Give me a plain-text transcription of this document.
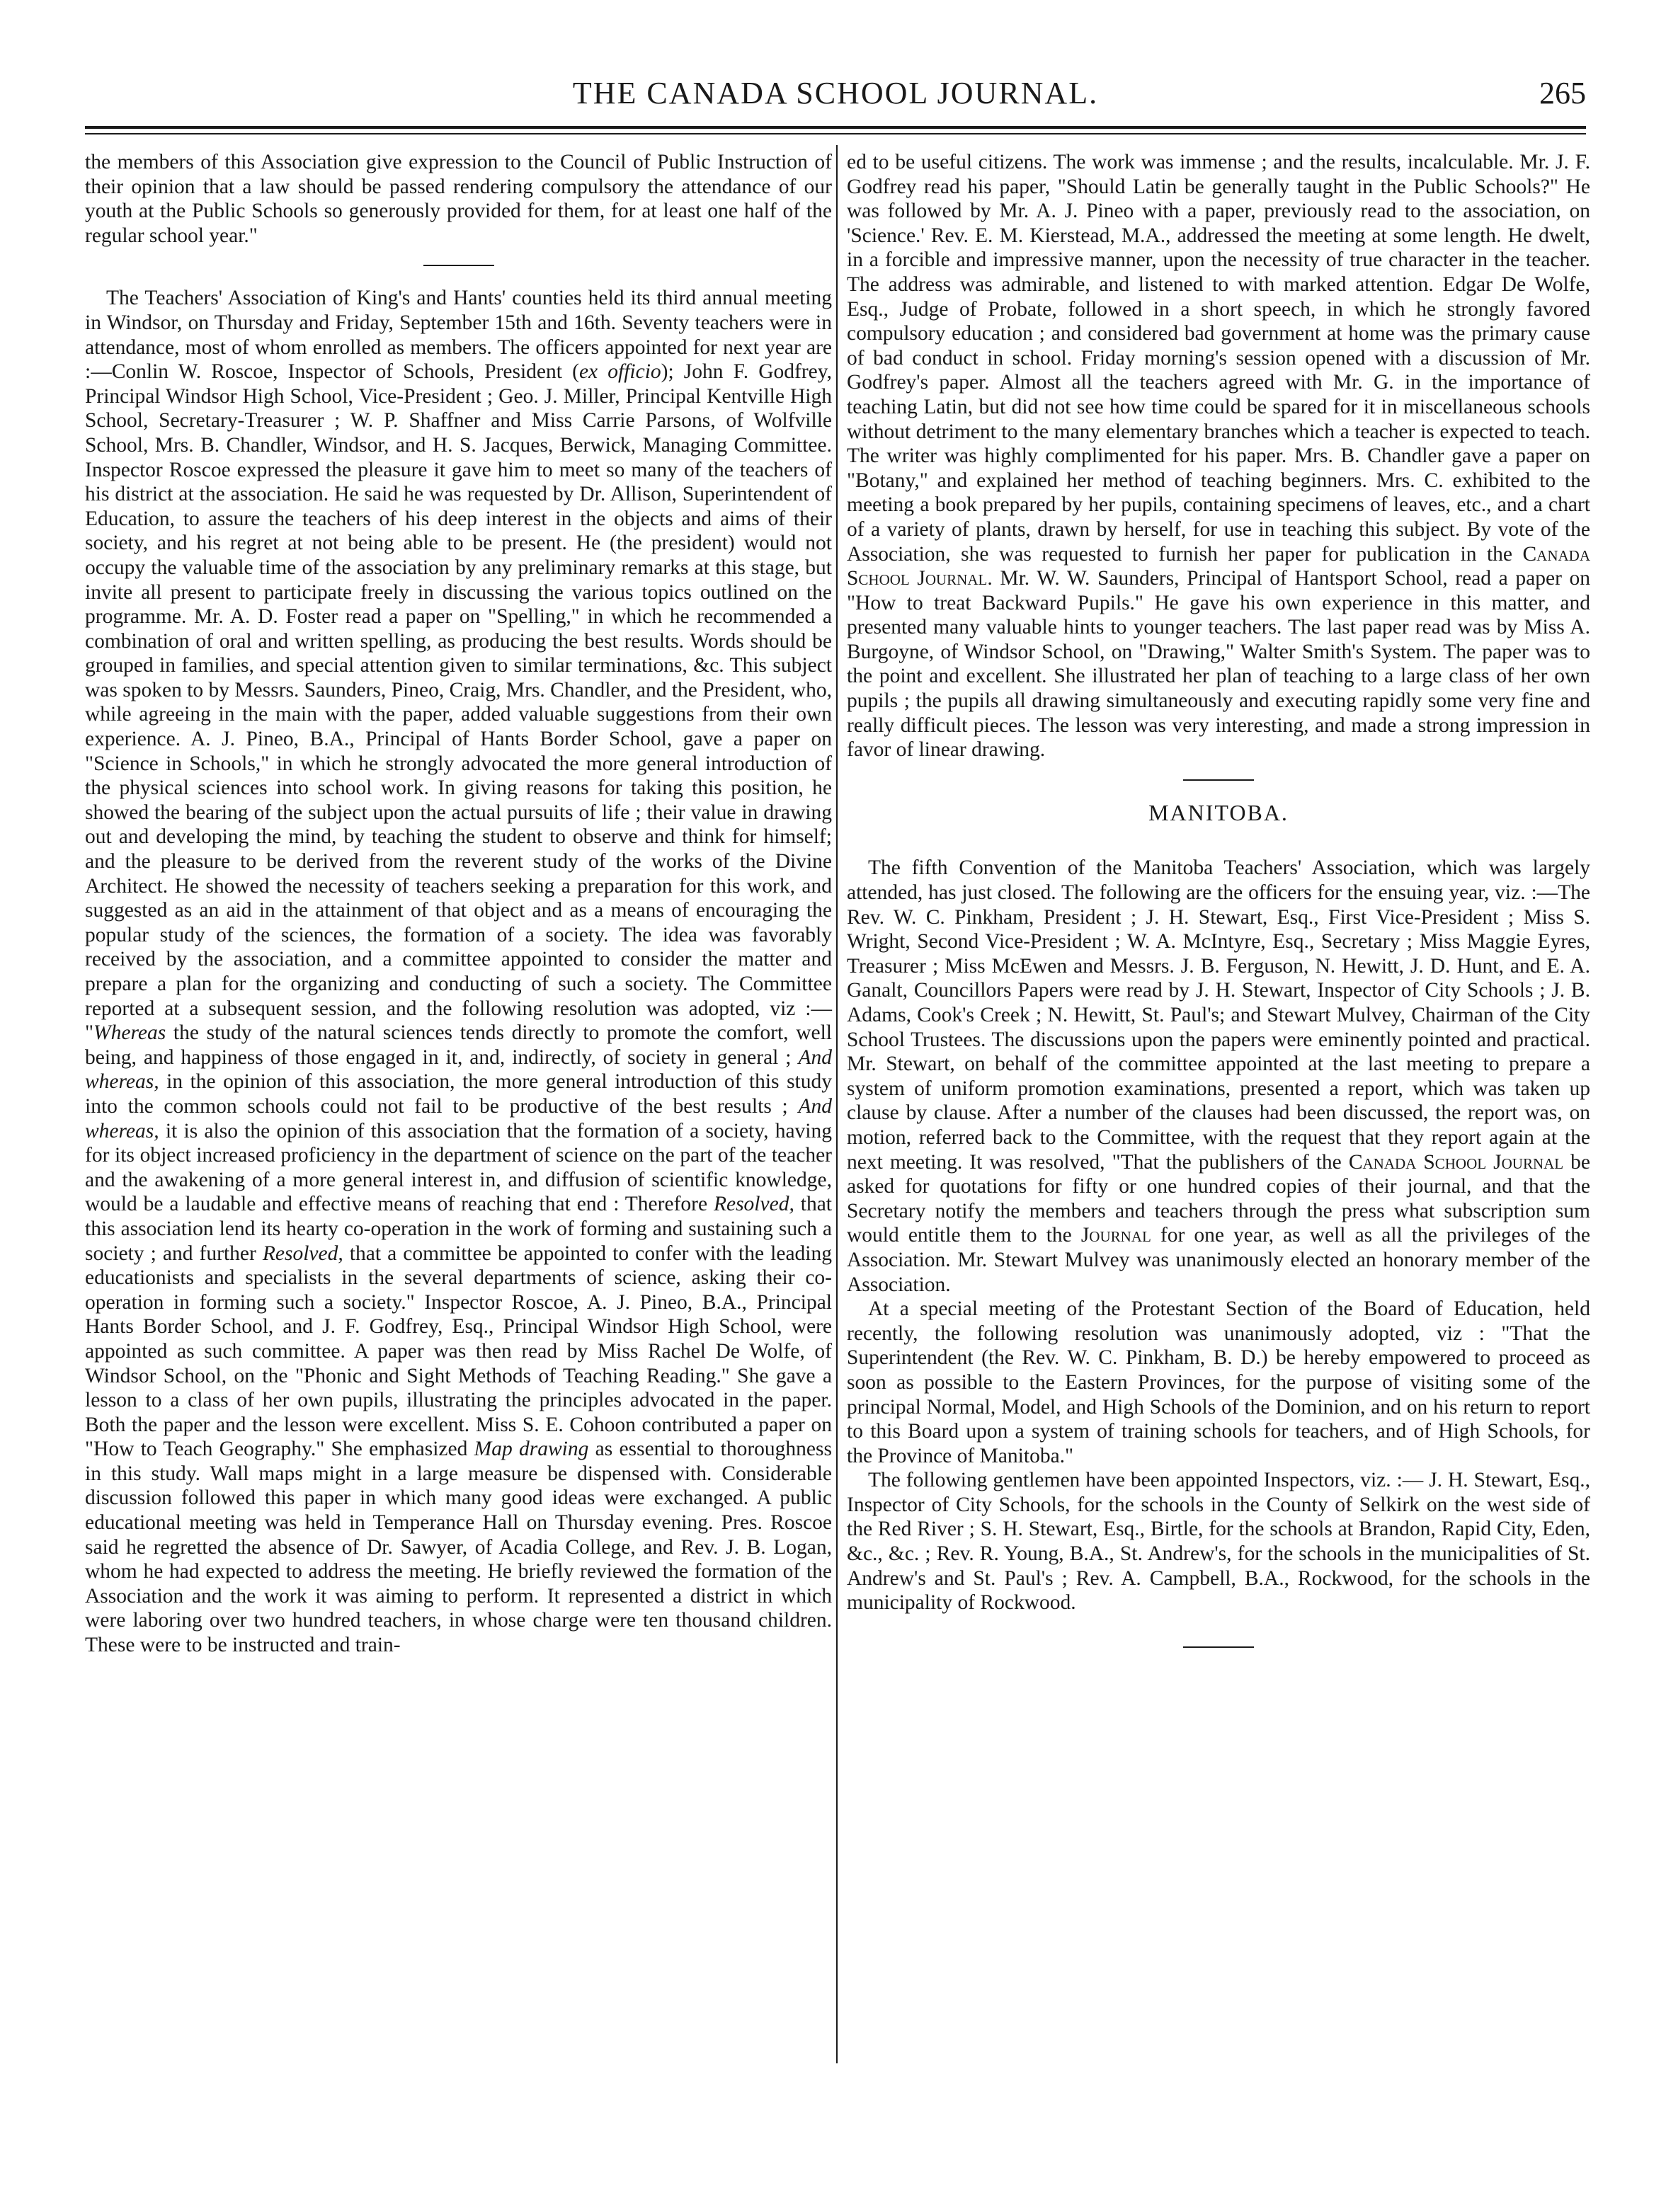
THE CANADA SCHOOL JOURNAL.	265

the members of this Association give expression to the Council of Public Instruction of their opinion that a law should be passed rendering compulsory the attendance of our youth at the Public Schools so generously provided for them, for at least one half of the regular school year."

The Teachers' Association of King's and Hants' counties held its third annual meeting in Windsor, on Thursday and Friday, September 15th and 16th. Seventy teachers were in attendance, most of whom enrolled as members. The officers appointed for next year are :—Conlin W. Roscoe, Inspector of Schools, President (ex officio); John F. Godfrey, Principal Windsor High School, Vice-President ; Geo. J. Miller, Principal Kentville High School, Secretary-Treasurer ; W. P. Shaffner and Miss Carrie Parsons, of Wolfville School, Mrs. B. Chandler, Windsor, and H. S. Jacques, Berwick, Managing Committee. Inspector Roscoe expressed the pleasure it gave him to meet so many of the teachers of his district at the association. He said he was requested by Dr. Allison, Superintendent of Education, to assure the teachers of his deep interest in the objects and aims of their society, and his regret at not being able to be present. He (the president) would not occupy the valuable time of the association by any preliminary remarks at this stage, but invite all present to participate freely in discussing the various topics outlined on the programme. Mr. A. D. Foster read a paper on "Spelling," in which he recommended a combination of oral and written spelling, as producing the best results. Words should be grouped in families, and special attention given to similar terminations, &c. This subject was spoken to by Messrs. Saunders, Pineo, Craig, Mrs. Chandler, and the President, who, while agreeing in the main with the paper, added valuable suggestions from their own experience. A. J. Pineo, B.A., Principal of Hants Border School, gave a paper on "Science in Schools," in which he strongly advocated the more general introduction of the physical sciences into school work. In giving reasons for taking this position, he showed the bearing of the subject upon the actual pursuits of life ; their value in drawing out and developing the mind, by teaching the student to observe and think for himself; and the pleasure to be derived from the reverent study of the works of the Divine Architect. He showed the necessity of teachers seeking a preparation for this work, and suggested as an aid in the attainment of that object and as a means of encouraging the popular study of the sciences, the formation of a society. The idea was favorably received by the association, and a committee appointed to consider the matter and prepare a plan for the organizing and conducting of such a society. The Committee reported at a subsequent session, and the following resolution was adopted, viz :— "Whereas the study of the natural sciences tends directly to promote the comfort, well being, and happiness of those engaged in it, and, indirectly, of society in general ; And whereas, in the opinion of this association, the more general introduction of this study into the common schools could not fail to be productive of the best results ; And whereas, it is also the opinion of this association that the formation of a society, having for its object increased proficiency in the department of science on the part of the teacher and the awakening of a more general interest in, and diffusion of scientific knowledge, would be a laudable and effective means of reaching that end : Therefore Resolved, that this association lend its hearty co-operation in the work of forming and sustaining such a society ; and further Resolved, that a committee be appointed to confer with the leading educationists and specialists in the several departments of science, asking their co-operation in forming such a society." Inspector Roscoe, A. J. Pineo, B.A., Principal Hants Border School, and J. F. Godfrey, Esq., Principal Windsor High School, were appointed as such committee. A paper was then read by Miss Rachel De Wolfe, of Windsor School, on the "Phonic and Sight Methods of Teaching Reading." She gave a lesson to a class of her own pupils, illustrating the principles advocated in the paper. Both the paper and the lesson were excellent. Miss S. E. Cohoon contributed a paper on "How to Teach Geography." She emphasized Map drawing as essential to thoroughness in this study. Wall maps might in a large measure be dispensed with. Considerable discussion followed this paper in which many good ideas were exchanged. A public educational meeting was held in Temperance Hall on Thursday evening. Pres. Roscoe said he regretted the absence of Dr. Sawyer, of Acadia College, and Rev. J. B. Logan, whom he had expected to address the meeting. He briefly reviewed the formation of the Association and the work it was aiming to perform. It represented a district in which were laboring over two hundred teachers, in whose charge were ten thousand children. These were to be instructed and train-

ed to be useful citizens. The work was immense ; and the results, incalculable. Mr. J. F. Godfrey read his paper, "Should Latin be generally taught in the Public Schools?" He was followed by Mr. A. J. Pineo with a paper, previously read to the association, on 'Science.' Rev. E. M. Kierstead, M.A., addressed the meeting at some length. He dwelt, in a forcible and impressive manner, upon the necessity of true character in the teacher. The address was admirable, and listened to with marked attention. Edgar De Wolfe, Esq., Judge of Probate, followed in a short speech, in which he strongly favored compulsory education ; and considered bad government at home was the primary cause of bad conduct in school. Friday morning's session opened with a discussion of Mr. Godfrey's paper. Almost all the teachers agreed with Mr. G. in the importance of teaching Latin, but did not see how time could be spared for it in miscellaneous schools without detriment to the many elementary branches which a teacher is expected to teach. The writer was highly complimented for his paper. Mrs. B. Chandler gave a paper on "Botany," and explained her method of teaching beginners. Mrs. C. exhibited to the meeting a book prepared by her pupils, containing specimens of leaves, etc., and a chart of a variety of plants, drawn by herself, for use in teaching this subject. By vote of the Association, she was requested to furnish her paper for publication in the Canada School Journal. Mr. W. W. Saunders, Principal of Hantsport School, read a paper on "How to treat Backward Pupils." He gave his own experience in this matter, and presented many valuable hints to younger teachers. The last paper read was by Miss A. Burgoyne, of Windsor School, on "Drawing," Walter Smith's System. The paper was to the point and excellent. She illustrated her plan of teaching to a large class of her own pupils ; the pupils all drawing simultaneously and executing rapidly some very fine and really difficult pieces. The lesson was very interesting, and made a strong impression in favor of linear drawing.

MANITOBA.

The fifth Convention of the Manitoba Teachers' Association, which was largely attended, has just closed. The following are the officers for the ensuing year, viz. :—The Rev. W. C. Pinkham, President ; J. H. Stewart, Esq., First Vice-President ; Miss S. Wright, Second Vice-President ; W. A. McIntyre, Esq., Secretary ; Miss Maggie Eyres, Treasurer ; Miss McEwen and Messrs. J. B. Ferguson, N. Hewitt, J. D. Hunt, and E. A. Ganalt, Councillors Papers were read by J. H. Stewart, Inspector of City Schools ; J. B. Adams, Cook's Creek ; N. Hewitt, St. Paul's; and Stewart Mulvey, Chairman of the City School Trustees. The discussions upon the papers were eminently pointed and practical. Mr. Stewart, on behalf of the committee appointed at the last meeting to prepare a system of uniform promotion examinations, presented a report, which was taken up clause by clause. After a number of the clauses had been discussed, the report was, on motion, referred back to the Committee, with the request that they report again at the next meeting. It was resolved, "That the publishers of the Canada School Journal be asked for quotations for fifty or one hundred copies of their journal, and that the Secretary notify the members and teachers through the press what subscription sum would entitle them to the Journal for one year, as well as all the privileges of the Association. Mr. Stewart Mulvey was unanimously elected an honorary member of the Association.

At a special meeting of the Protestant Section of the Board of Education, held recently, the following resolution was unanimously adopted, viz : "That the Superintendent (the Rev. W. C. Pinkham, B. D.) be hereby empowered to proceed as soon as possible to the Eastern Provinces, for the purpose of visiting some of the principal Normal, Model, and High Schools of the Dominion, and on his return to report to this Board upon a system of training schools for teachers, and of High Schools, for the Province of Manitoba."

The following gentlemen have been appointed Inspectors, viz. :— J. H. Stewart, Esq., Inspector of City Schools, for the schools in the County of Selkirk on the west side of the Red River ; S. H. Stewart, Esq., Birtle, for the schools at Brandon, Rapid City, Eden, &c., &c. ; Rev. R. Young, B.A., St. Andrew's, for the schools in the municipalities of St. Andrew's and St. Paul's ; Rev. A. Campbell, B.A., Rockwood, for the schools in the municipality of Rockwood.
